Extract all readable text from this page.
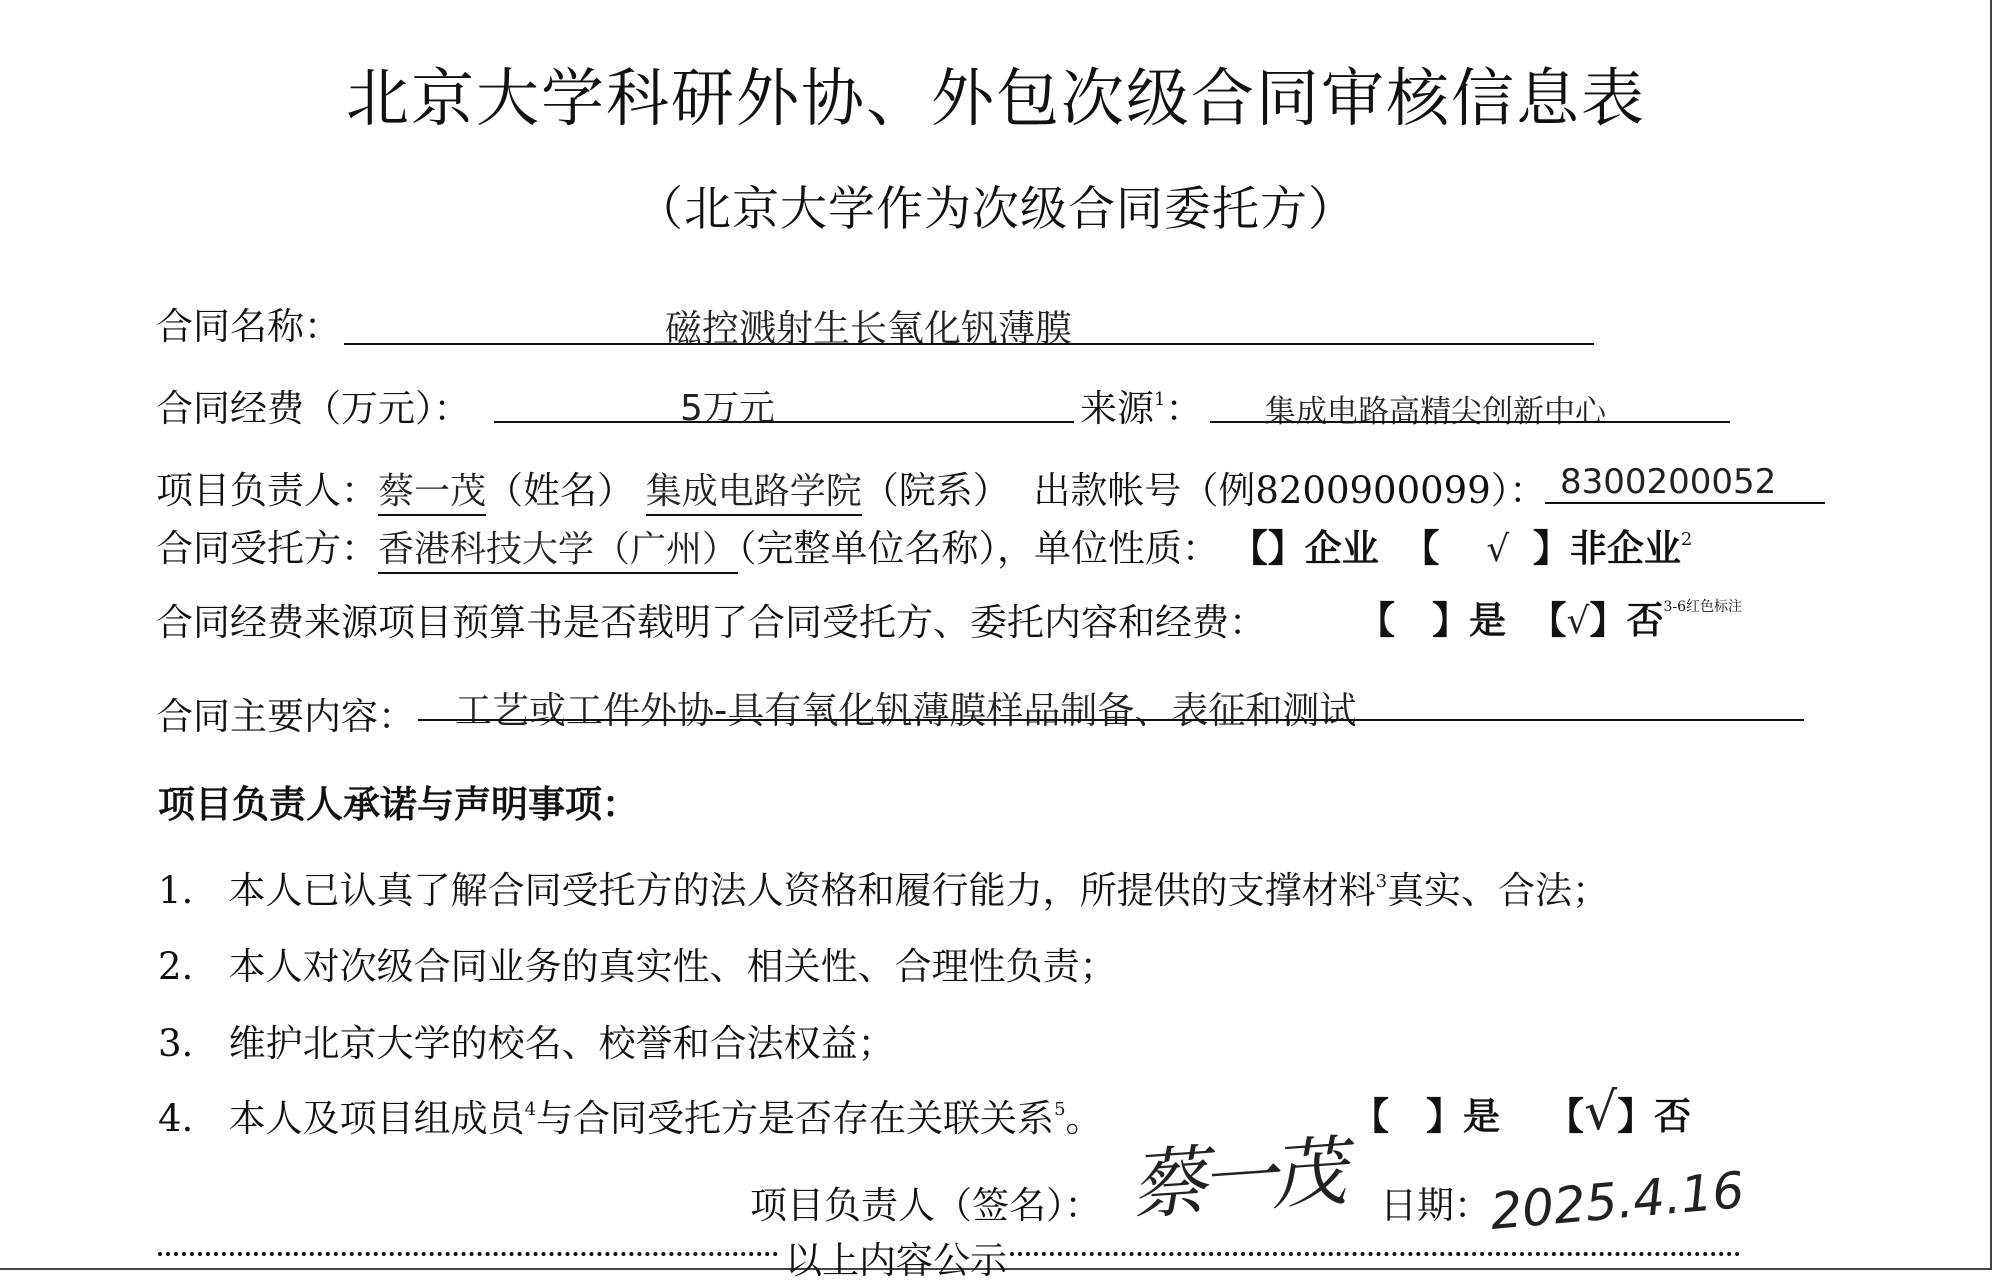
北京大学科研外协、外包次级合同审核信息表
（北京大学作为次级合同委托方）
合同名称：	磁控溅射生长氧化钒薄膜
合同经费（万元）：	5万元	来源$^1$： 集成电路高精尖创新中心
项目负责人：蔡一茂（姓名） 集成电路学院（院系） 出款帐号（例8200900099）： 8300200052
合同受托方：香港科技大学（广州）（完整单位名称），单位性质： 【】企业 【 √ 】非企业$^2$
合同经费来源项目预算书是否载明了合同受托方、委托内容和经费： 【　】是 【√】否$^{3-6红色标注}$
合同主要内容： 工艺或工件外协-具有氧化钒薄膜样品制备、表征和测试
项目负责人承诺与声明事项：
1. 本人已认真了解合同受托方的法人资格和履行能力，所提供的支撑材料$^3$真实、合法；
2. 本人对次级合同业务的真实性、相关性、合理性负责；
3. 维护北京大学的校名、校誉和合法权益；
4. 本人及项目组成员$^4$与合同受托方是否存在关联关系$^5$。	【　】是 【√】否
项目负责人（签名）： 蔡一茂 日期：
2025.4.16
以上内容公示
